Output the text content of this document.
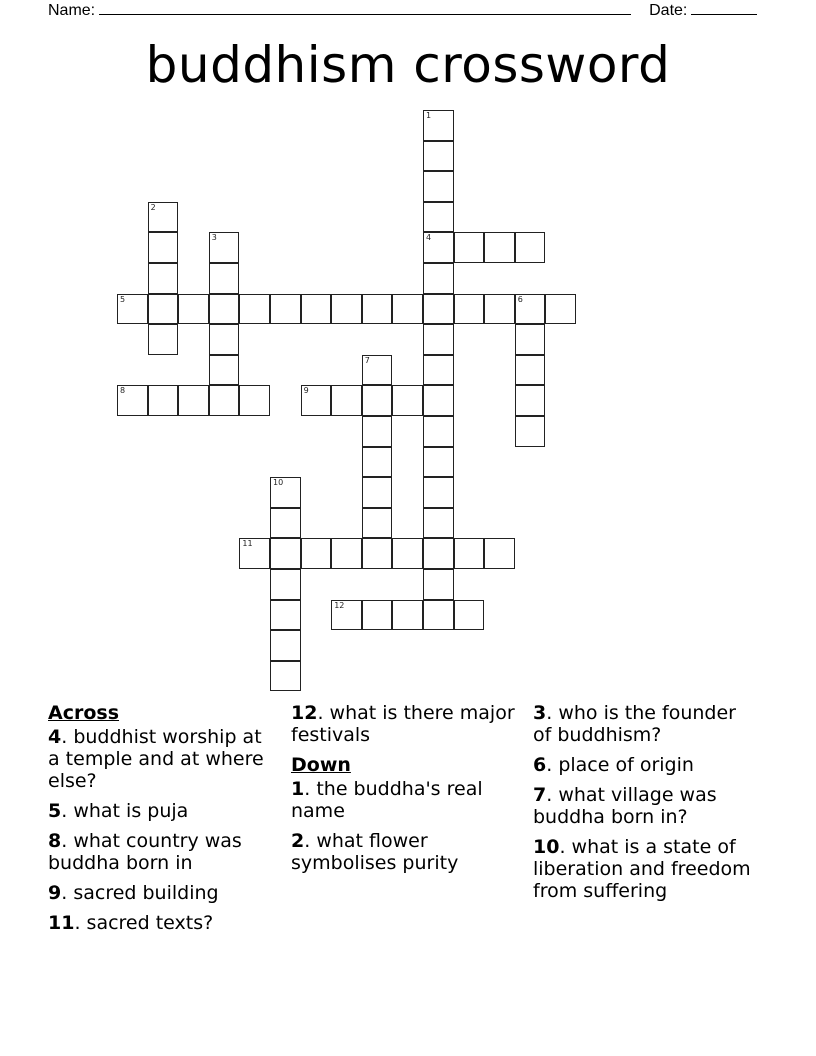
Name:	Date:
buddhism crossword
1
4
2
3
5	6
7
8	9
10
11
12
Across
4. buddhist worship at a temple and at where else?
5. what is puja
8. what country was buddha born in
9. sacred building
11. sacred texts?
12. what is there major festivals
Down
1. the buddha's real name
2. what flower symbolises purity
3. who is the founder of buddhism?
6. place of origin
7. what village was buddha born in?
10. what is a state of liberation and freedom from suffering
